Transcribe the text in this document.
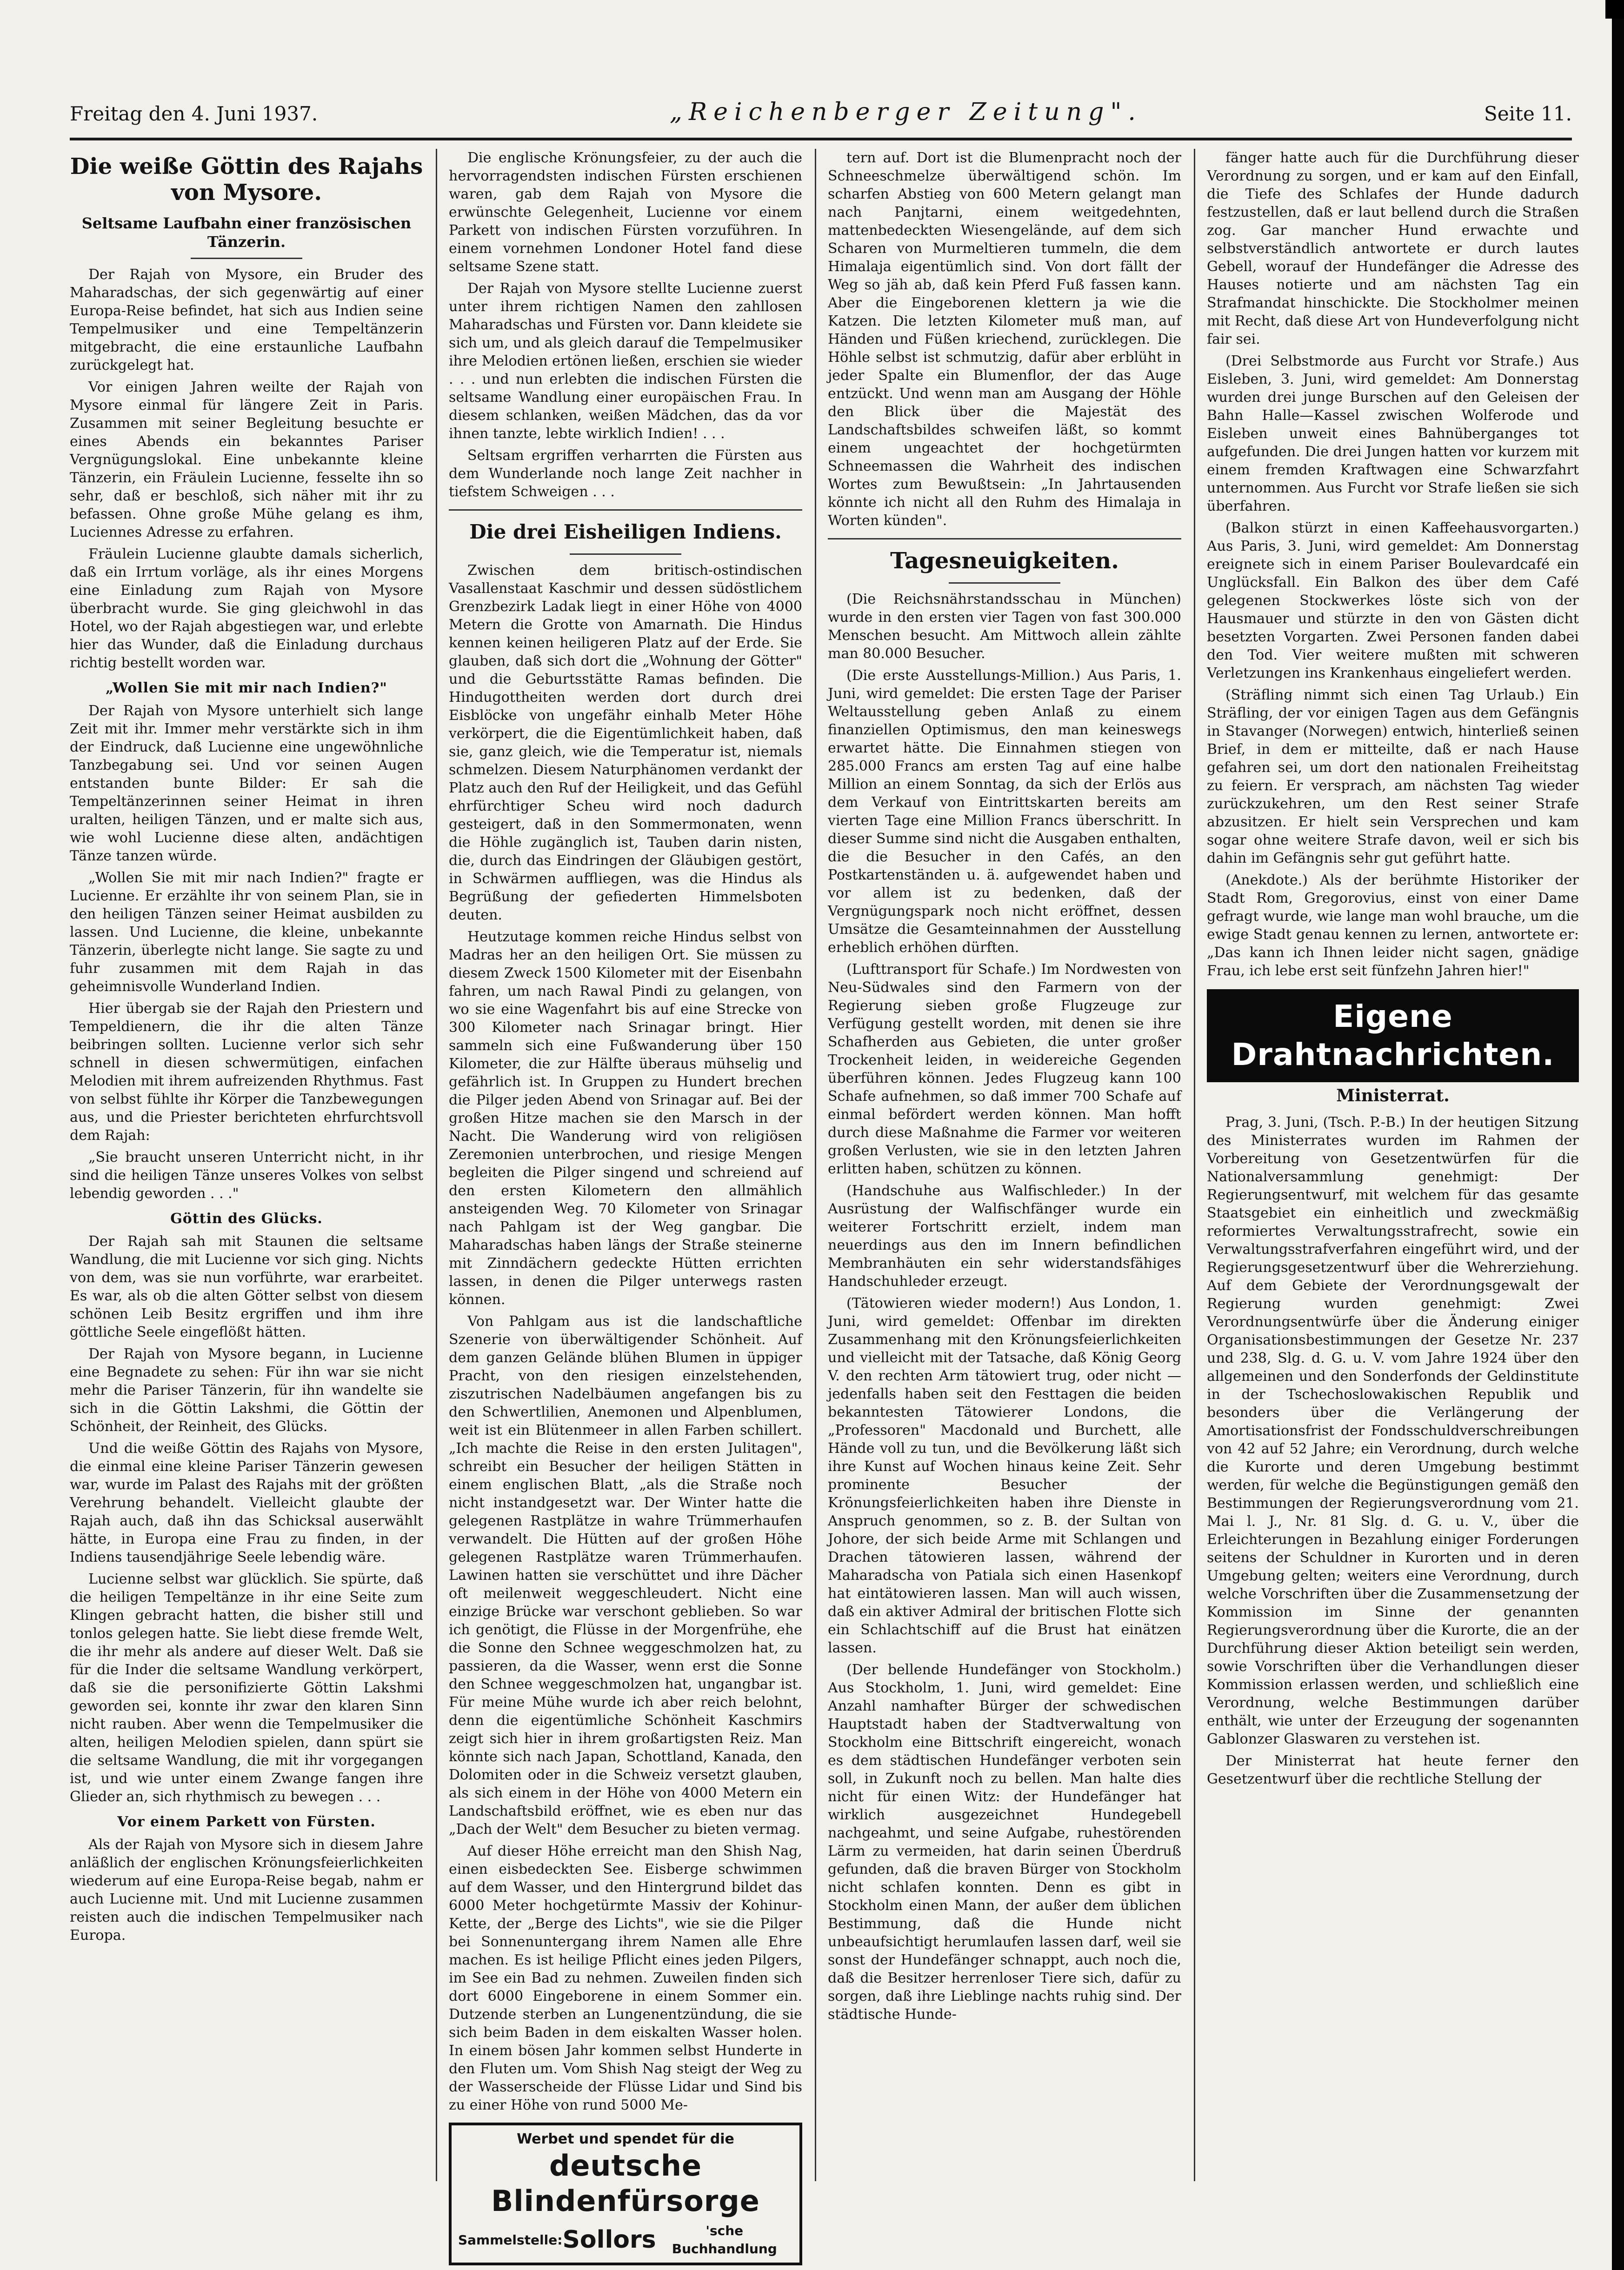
Freitag den 4. Juni 1937.	„Reichenberger Zeitung".	Seite 11.
Die weiße Göttin des Rajahs von Mysore.
Seltsame Laufbahn einer französischen Tänzerin.

Der Rajah von Mysore, ein Bruder des Maharadschas, der sich gegenwärtig auf einer Europa-Reise befindet, hat sich aus Indien seine Tempelmusiker und eine Tempeltänzerin mitgebracht, die eine erstaunliche Laufbahn zurückgelegt hat.

Vor einigen Jahren weilte der Rajah von Mysore einmal für längere Zeit in Paris. Zusammen mit seiner Begleitung besuchte er eines Abends ein bekanntes Pariser Vergnügungslokal. Eine unbekannte kleine Tänzerin, ein Fräulein Lucienne, fesselte ihn so sehr, daß er beschloß, sich näher mit ihr zu befassen. Ohne große Mühe gelang es ihm, Luciennes Adresse zu erfahren.

Fräulein Lucienne glaubte damals sicherlich, daß ein Irrtum vorläge, als ihr eines Morgens eine Einladung zum Rajah von Mysore überbracht wurde. Sie ging gleichwohl in das Hotel, wo der Rajah abgestiegen war, und erlebte hier das Wunder, daß die Einladung durchaus richtig bestellt worden war.

„Wollen Sie mit mir nach Indien?"

Der Rajah von Mysore unterhielt sich lange Zeit mit ihr. Immer mehr verstärkte sich in ihm der Eindruck, daß Lucienne eine ungewöhnliche Tanzbegabung sei. Und vor seinen Augen entstanden bunte Bilder: Er sah die Tempeltänzerinnen seiner Heimat in ihren uralten, heiligen Tänzen, und er malte sich aus, wie wohl Lucienne diese alten, andächtigen Tänze tanzen würde.

„Wollen Sie mit mir nach Indien?" fragte er Lucienne. Er erzählte ihr von seinem Plan, sie in den heiligen Tänzen seiner Heimat ausbilden zu lassen. Und Lucienne, die kleine, unbekannte Tänzerin, überlegte nicht lange. Sie sagte zu und fuhr zusammen mit dem Rajah in das geheimnisvolle Wunderland Indien.

Hier übergab sie der Rajah den Priestern und Tempeldienern, die ihr die alten Tänze beibringen sollten. Lucienne verlor sich sehr schnell in diesen schwermütigen, einfachen Melodien mit ihrem aufreizenden Rhythmus. Fast von selbst fühlte ihr Körper die Tanzbewegungen aus, und die Priester berichteten ehrfurchtsvoll dem Rajah:

„Sie braucht unseren Unterricht nicht, in ihr sind die heiligen Tänze unseres Volkes von selbst lebendig geworden . . ."

Göttin des Glücks.

Der Rajah sah mit Staunen die seltsame Wandlung, die mit Lucienne vor sich ging. Nichts von dem, was sie nun vorführte, war erarbeitet. Es war, als ob die alten Götter selbst von diesem schönen Leib Besitz ergriffen und ihm ihre göttliche Seele eingeflößt hätten.

Der Rajah von Mysore begann, in Lucienne eine Begnadete zu sehen: Für ihn war sie nicht mehr die Pariser Tänzerin, für ihn wandelte sie sich in die Göttin Lakshmi, die Göttin der Schönheit, der Reinheit, des Glücks.

Und die weiße Göttin des Rajahs von Mysore, die einmal eine kleine Pariser Tänzerin gewesen war, wurde im Palast des Rajahs mit der größten Verehrung behandelt. Vielleicht glaubte der Rajah auch, daß ihn das Schicksal auserwählt hätte, in Europa eine Frau zu finden, in der Indiens tausendjährige Seele lebendig wäre.

Lucienne selbst war glücklich. Sie spürte, daß die heiligen Tempeltänze in ihr eine Seite zum Klingen gebracht hatten, die bisher still und tonlos gelegen hatte. Sie liebt diese fremde Welt, die ihr mehr als andere auf dieser Welt. Daß sie für die Inder die seltsame Wandlung verkörpert, daß sie die personifizierte Göttin Lakshmi geworden sei, konnte ihr zwar den klaren Sinn nicht rauben. Aber wenn die Tempelmusiker die alten, heiligen Melodien spielen, dann spürt sie die seltsame Wandlung, die mit ihr vorgegangen ist, und wie unter einem Zwange fangen ihre Glieder an, sich rhythmisch zu bewegen . . .

Vor einem Parkett von Fürsten.

Als der Rajah von Mysore sich in diesem Jahre anläßlich der englischen Krönungsfeierlichkeiten wiederum auf eine Europa-Reise begab, nahm er auch Lucienne mit. Und mit Lucienne zusammen reisten auch die indischen Tempelmusiker nach Europa.

Die englische Krönungsfeier, zu der auch die hervorragendsten indischen Fürsten erschienen waren, gab dem Rajah von Mysore die erwünschte Gelegenheit, Lucienne vor einem Parkett von indischen Fürsten vorzuführen. In einem vornehmen Londoner Hotel fand diese seltsame Szene statt.

Der Rajah von Mysore stellte Lucienne zuerst unter ihrem richtigen Namen den zahllosen Maharadschas und Fürsten vor. Dann kleidete sie sich um, und als gleich darauf die Tempelmusiker ihre Melodien ertönen ließen, erschien sie wieder . . . und nun erlebten die indischen Fürsten die seltsame Wandlung einer europäischen Frau. In diesem schlanken, weißen Mädchen, das da vor ihnen tanzte, lebte wirklich Indien! . . .

Seltsam ergriffen verharrten die Fürsten aus dem Wunderlande noch lange Zeit nachher in tiefstem Schweigen . . .

Die drei Eisheiligen Indiens.

Zwischen dem britisch-ostindischen Vasallenstaat Kaschmir und dessen südöstlichem Grenzbezirk Ladak liegt in einer Höhe von 4000 Metern die Grotte von Amarnath. Die Hindus kennen keinen heiligeren Platz auf der Erde. Sie glauben, daß sich dort die „Wohnung der Götter" und die Geburtsstätte Ramas befinden. Die Hindugottheiten werden dort durch drei Eisblöcke von ungefähr einhalb Meter Höhe verkörpert, die die Eigentümlichkeit haben, daß sie, ganz gleich, wie die Temperatur ist, niemals schmelzen. Diesem Naturphänomen verdankt der Platz auch den Ruf der Heiligkeit, und das Gefühl ehrfürchtiger Scheu wird noch dadurch gesteigert, daß in den Sommermonaten, wenn die Höhle zugänglich ist, Tauben darin nisten, die, durch das Eindringen der Gläubigen gestört, in Schwärmen auffliegen, was die Hindus als Begrüßung der gefiederten Himmelsboten deuten.

Heutzutage kommen reiche Hindus selbst von Madras her an den heiligen Ort. Sie müssen zu diesem Zweck 1500 Kilometer mit der Eisenbahn fahren, um nach Rawal Pindi zu gelangen, von wo sie eine Wagenfahrt bis auf eine Strecke von 300 Kilometer nach Srinagar bringt. Hier sammeln sich eine Fußwanderung über 150 Kilometer, die zur Hälfte überaus mühselig und gefährlich ist. In Gruppen zu Hundert brechen die Pilger jeden Abend von Srinagar auf. Bei der großen Hitze machen sie den Marsch in der Nacht. Die Wanderung wird von religiösen Zeremonien unterbrochen, und riesige Mengen begleiten die Pilger singend und schreiend auf den ersten Kilometern den allmählich ansteigenden Weg. 70 Kilometer von Srinagar nach Pahlgam ist der Weg gangbar. Die Maharadschas haben längs der Straße steinerne mit Zinndächern gedeckte Hütten errichten lassen, in denen die Pilger unterwegs rasten können.

Von Pahlgam aus ist die landschaftliche Szenerie von überwältigender Schönheit. Auf dem ganzen Gelände blühen Blumen in üppiger Pracht, von den riesigen einzelstehenden, ziszutrischen Nadelbäumen angefangen bis zu den Schwertlilien, Anemonen und Alpenblumen, weit ist ein Blütenmeer in allen Farben schillert. „Ich machte die Reise in den ersten Julitagen", schreibt ein Besucher der heiligen Stätten in einem englischen Blatt, „als die Straße noch nicht instandgesetzt war. Der Winter hatte die gelegenen Rastplätze in wahre Trümmerhaufen verwandelt. Die Hütten auf der großen Höhe gelegenen Rastplätze waren Trümmerhaufen. Lawinen hatten sie verschüttet und ihre Dächer oft meilenweit weggeschleudert. Nicht eine einzige Brücke war verschont geblieben. So war ich genötigt, die Flüsse in der Morgenfrühe, ehe die Sonne den Schnee weggeschmolzen hat, zu passieren, da die Wasser, wenn erst die Sonne den Schnee weggeschmolzen hat, ungangbar ist. Für meine Mühe wurde ich aber reich belohnt, denn die eigentümliche Schönheit Kaschmirs zeigt sich hier in ihrem großartigsten Reiz. Man könnte sich nach Japan, Schottland, Kanada, den Dolomiten oder in die Schweiz versetzt glauben, als sich einem in der Höhe von 4000 Metern ein Landschaftsbild eröffnet, wie es eben nur das „Dach der Welt" dem Besucher zu bieten vermag.

Auf dieser Höhe erreicht man den Shish Nag, einen eisbedeckten See. Eisberge schwimmen auf dem Wasser, und den Hintergrund bildet das 6000 Meter hochgetürmte Massiv der Kohinur-Kette, der „Berge des Lichts", wie sie die Pilger bei Sonnenuntergang ihrem Namen alle Ehre machen. Es ist heilige Pflicht eines jeden Pilgers, im See ein Bad zu nehmen. Zuweilen finden sich dort 6000 Eingeborene in einem Sommer ein. Dutzende sterben an Lungenentzündung, die sie sich beim Baden in dem eiskalten Wasser holen. In einem bösen Jahr kommen selbst Hunderte in den Fluten um. Vom Shish Nag steigt der Weg zu der Wasserscheide der Flüsse Lidar und Sind bis zu einer Höhe von rund 5000 Me-

Werbet und spendet für die
deutsche Blindenfürsorge
Sammelstelle: Sollors	'sche Buchhandlung

tern auf. Dort ist die Blumenpracht noch der Schneeschmelze überwältigend schön. Im scharfen Abstieg von 600 Metern gelangt man nach Panjtarni, einem weitgedehnten, mattenbedeckten Wiesengelände, auf dem sich Scharen von Murmeltieren tummeln, die dem Himalaja eigentümlich sind. Von dort fällt der Weg so jäh ab, daß kein Pferd Fuß fassen kann. Aber die Eingeborenen klettern ja wie die Katzen. Die letzten Kilometer muß man, auf Händen und Füßen kriechend, zurücklegen. Die Höhle selbst ist schmutzig, dafür aber erblüht in jeder Spalte ein Blumenflor, der das Auge entzückt. Und wenn man am Ausgang der Höhle den Blick über die Majestät des Landschaftsbildes schweifen läßt, so kommt einem ungeachtet der hochgetürmten Schneemassen die Wahrheit des indischen Wortes zum Bewußtsein: „In Jahrtausenden könnte ich nicht all den Ruhm des Himalaja in Worten künden".

Tagesneuigkeiten.

(Die Reichsnährstandsschau in München) wurde in den ersten vier Tagen von fast 300.000 Menschen besucht. Am Mittwoch allein zählte man 80.000 Besucher.

(Die erste Ausstellungs-Million.) Aus Paris, 1. Juni, wird gemeldet: Die ersten Tage der Pariser Weltausstellung geben Anlaß zu einem finanziellen Optimismus, den man keineswegs erwartet hätte. Die Einnahmen stiegen von 285.000 Francs am ersten Tag auf eine halbe Million an einem Sonntag, da sich der Erlös aus dem Verkauf von Eintrittskarten bereits am vierten Tage eine Million Francs überschritt. In dieser Summe sind nicht die Ausgaben enthalten, die die Besucher in den Cafés, an den Postkartenständen u. ä. aufgewendet haben und vor allem ist zu bedenken, daß der Vergnügungspark noch nicht eröffnet, dessen Umsätze die Gesamteinnahmen der Ausstellung erheblich erhöhen dürften.

(Lufttransport für Schafe.) Im Nordwesten von Neu-Südwales sind den Farmern von der Regierung sieben große Flugzeuge zur Verfügung gestellt worden, mit denen sie ihre Schafherden aus Gebieten, die unter großer Trockenheit leiden, in weidereiche Gegenden überführen können. Jedes Flugzeug kann 100 Schafe aufnehmen, so daß immer 700 Schafe auf einmal befördert werden können. Man hofft durch diese Maßnahme die Farmer vor weiteren großen Verlusten, wie sie in den letzten Jahren erlitten haben, schützen zu können.

(Handschuhe aus Walfischleder.) In der Ausrüstung der Walfischfänger wurde ein weiterer Fortschritt erzielt, indem man neuerdings aus den im Innern befindlichen Membranhäuten ein sehr widerstandsfähiges Handschuhleder erzeugt.

(Tätowieren wieder modern!) Aus London, 1. Juni, wird gemeldet: Offenbar im direkten Zusammenhang mit den Krönungsfeierlichkeiten und vielleicht mit der Tatsache, daß König Georg V. den rechten Arm tätowiert trug, oder nicht — jedenfalls haben seit den Festtagen die beiden bekanntesten Tätowierer Londons, die „Professoren" Macdonald und Burchett, alle Hände voll zu tun, und die Bevölkerung läßt sich ihre Kunst auf Wochen hinaus keine Zeit. Sehr prominente Besucher der Krönungsfeierlichkeiten haben ihre Dienste in Anspruch genommen, so z. B. der Sultan von Johore, der sich beide Arme mit Schlangen und Drachen tätowieren lassen, während der Maharadscha von Patiala sich einen Hasenkopf hat eintätowieren lassen. Man will auch wissen, daß ein aktiver Admiral der britischen Flotte sich ein Schlachtschiff auf die Brust hat einätzen lassen.

(Der bellende Hundefänger von Stockholm.) Aus Stockholm, 1. Juni, wird gemeldet: Eine Anzahl namhafter Bürger der schwedischen Hauptstadt haben der Stadtverwaltung von Stockholm eine Bittschrift eingereicht, wonach es dem städtischen Hundefänger verboten sein soll, in Zukunft noch zu bellen. Man halte dies nicht für einen Witz: der Hundefänger hat wirklich ausgezeichnet Hundegebell nachgeahmt, und seine Aufgabe, ruhestörenden Lärm zu vermeiden, hat darin seinen Überdruß gefunden, daß die braven Bürger von Stockholm nicht schlafen konnten. Denn es gibt in Stockholm einen Mann, der außer dem üblichen Bestimmung, daß die Hunde nicht unbeaufsichtigt herumlaufen lassen darf, weil sie sonst der Hundefänger schnappt, auch noch die, daß die Besitzer herrenloser Tiere sich, dafür zu sorgen, daß ihre Lieblinge nachts ruhig sind. Der städtische Hunde-

fänger hatte auch für die Durchführung dieser Verordnung zu sorgen, und er kam auf den Einfall, die Tiefe des Schlafes der Hunde dadurch festzustellen, daß er laut bellend durch die Straßen zog. Gar mancher Hund erwachte und selbstverständlich antwortete er durch lautes Gebell, worauf der Hundefänger die Adresse des Hauses notierte und am nächsten Tag ein Strafmandat hinschickte. Die Stockholmer meinen mit Recht, daß diese Art von Hundeverfolgung nicht fair sei.

(Drei Selbstmorde aus Furcht vor Strafe.) Aus Eisleben, 3. Juni, wird gemeldet: Am Donnerstag wurden drei junge Burschen auf den Geleisen der Bahn Halle—Kassel zwischen Wolferode und Eisleben unweit eines Bahnüberganges tot aufgefunden. Die drei Jungen hatten vor kurzem mit einem fremden Kraftwagen eine Schwarzfahrt unternommen. Aus Furcht vor Strafe ließen sie sich überfahren.

(Balkon stürzt in einen Kaffeehausvorgarten.) Aus Paris, 3. Juni, wird gemeldet: Am Donnerstag ereignete sich in einem Pariser Boulevardcafé ein Unglücksfall. Ein Balkon des über dem Café gelegenen Stockwerkes löste sich von der Hausmauer und stürzte in den von Gästen dicht besetzten Vorgarten. Zwei Personen fanden dabei den Tod. Vier weitere mußten mit schweren Verletzungen ins Krankenhaus eingeliefert werden.

(Sträfling nimmt sich einen Tag Urlaub.) Ein Sträfling, der vor einigen Tagen aus dem Gefängnis in Stavanger (Norwegen) entwich, hinterließ seinen Brief, in dem er mitteilte, daß er nach Hause gefahren sei, um dort den nationalen Freiheitstag zu feiern. Er versprach, am nächsten Tag wieder zurückzukehren, um den Rest seiner Strafe abzusitzen. Er hielt sein Versprechen und kam sogar ohne weitere Strafe davon, weil er sich bis dahin im Gefängnis sehr gut geführt hatte.

(Anekdote.) Als der berühmte Historiker der Stadt Rom, Gregorovius, einst von einer Dame gefragt wurde, wie lange man wohl brauche, um die ewige Stadt genau kennen zu lernen, antwortete er: „Das kann ich Ihnen leider nicht sagen, gnädige Frau, ich lebe erst seit fünfzehn Jahren hier!"

Eigene Drahtnachrichten.
Ministerrat.

Prag, 3. Juni, (Tsch. P.-B.) In der heutigen Sitzung des Ministerrates wurden im Rahmen der Vorbereitung von Gesetzentwürfen für die Nationalversammlung genehmigt: Der Regierungsentwurf, mit welchem für das gesamte Staatsgebiet ein einheitlich und zweckmäßig reformiertes Verwaltungsstrafrecht, sowie ein Verwaltungsstrafverfahren eingeführt wird, und der Regierungsgesetzentwurf über die Wehrerziehung. Auf dem Gebiete der Verordnungsgewalt der Regierung wurden genehmigt: Zwei Verordnungsentwürfe über die Änderung einiger Organisationsbestimmungen der Gesetze Nr. 237 und 238, Slg. d. G. u. V. vom Jahre 1924 über den allgemeinen und den Sonderfonds der Geldinstitute in der Tschechoslowakischen Republik und besonders über die Verlängerung der Amortisationsfrist der Fondsschuldverschreibungen von 42 auf 52 Jahre; ein Verordnung, durch welche die Kurorte und deren Umgebung bestimmt werden, für welche die Begünstigungen gemäß den Bestimmungen der Regierungsverordnung vom 21. Mai l. J., Nr. 81 Slg. d. G. u. V., über die Erleichterungen in Bezahlung einiger Forderungen seitens der Schuldner in Kurorten und in deren Umgebung gelten; weiters eine Verordnung, durch welche Vorschriften über die Zusammensetzung der Kommission im Sinne der genannten Regierungsverordnung über die Kurorte, die an der Durchführung dieser Aktion beteiligt sein werden, sowie Vorschriften über die Verhandlungen dieser Kommission erlassen werden, und schließlich eine Verordnung, welche Bestimmungen darüber enthält, wie unter der Erzeugung der sogenannten Gablonzer Glaswaren zu verstehen ist.

Der Ministerrat hat heute ferner den Gesetzentwurf über die rechtliche Stellung der
